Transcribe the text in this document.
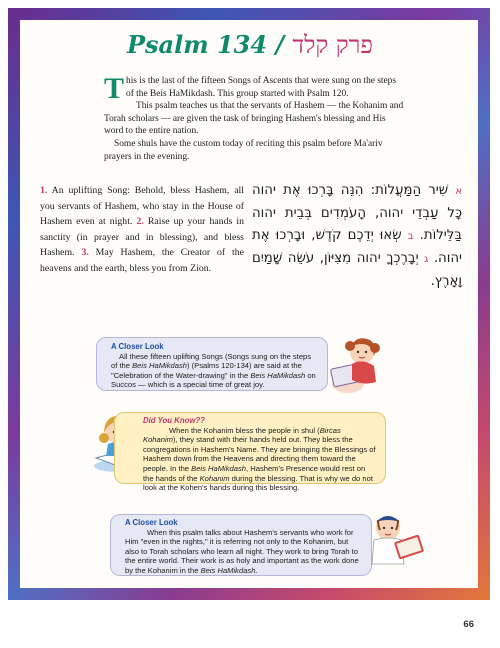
Psalm 134 / פרק קלד

This is the last of the fifteen Songs of Ascents that were sung on the steps of the Beis HaMikdash. This group started with Psalm 120.

This psalm teaches us that the servants of Hashem — the Kohanim and Torah scholars — are given the task of bringing Hashem's blessing and His word to the entire nation.

Some shuls have the custom today of reciting this psalm before Ma'ariv prayers in the evening.

1. An uplifting Song: Behold, bless Hashem, all you servants of Hashem, who stay in the House of Hashem even at night. 2. Raise up your hands in sanctity (in prayer and in blessing), and bless Hashem. 3. May Hashem, the Creator of the heavens and the earth, bless you from Zion.
א שִׁיר הַמַּעֲלוֹת: הִנֵּה בָּרְכוּ אֶת יהוה כָּל עַבְדֵי יהוה, הָעֹמְדִים בְּבֵית יהוה בַּלֵּילוֹת. ב שְׂאוּ יְדֵכֶם קֹדֶשׁ, וּבָרְכוּ אֶת יהוה. ג יְבָרֶכְךָ יהוה מִצִּיּוֹן, עֹשֵׂה שָׁמַיִם וָאָרֶץ.
A Closer Look

All these fifteen uplifting Songs (Songs sung on the steps of the Beis HaMikdash) (Psalms 120-134) are said at the "Celebration of the Water-drawing" in the Beis HaMikdash on Succos — which is a special time of great joy.

Did You Know??

When the Kohanim bless the people in shul (Bircas Kohanim), they stand with their hands held out. They bless the congregations in Hashem's Name. They are bringing the Blessings of Hashem down from the Heavens and directing them toward the people. In the Beis HaMikdash, Hashem's Presence would rest on the hands of the Kohanim during the blessing. That is why we do not look at the Kohen's hands during this blessing.

A Closer Look

When this psalm talks about Hashem's servants who work for Him "even in the nights," it is referring not only to the Kohanim, but also to Torah scholars who learn all night. They work to bring Torah to the entire world. Their work is as holy and important as the work done by the Kohanim in the Beis HaMikdash.

66
